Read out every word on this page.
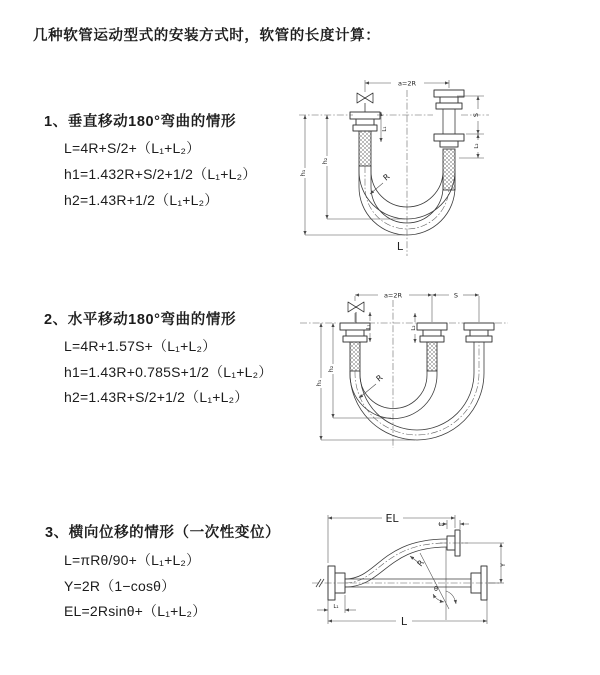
几种软管运动型式的安装方式时，软管的长度计算：
1、垂直移动180°弯曲的情形
L=4R+S/2+（L₁+L₂）
h1=1.432R+S/2+1/2（L₁+L₂）
h2=1.43R+1/2（L₁+L₂）
2、水平移动180°弯曲的情形
L=4R+1.57S+（L₁+L₂）
h1=1.43R+0.785S+1/2（L₁+L₂）
h2=1.43R+S/2+1/2（L₁+L₂）
3、横向位移的情形（一次性变位）
L=πRθ/90+（L₁+L₂）
Y=2R（1−cosθ）
EL=2Rsinθ+（L₁+L₂）
a=2R
L₁
S
L₂
h₂
h₁	R
L
a=2R	S
L₁	L₂
h₂
h₁	R
EL	L₂
Y
R
θ
L₁
L
